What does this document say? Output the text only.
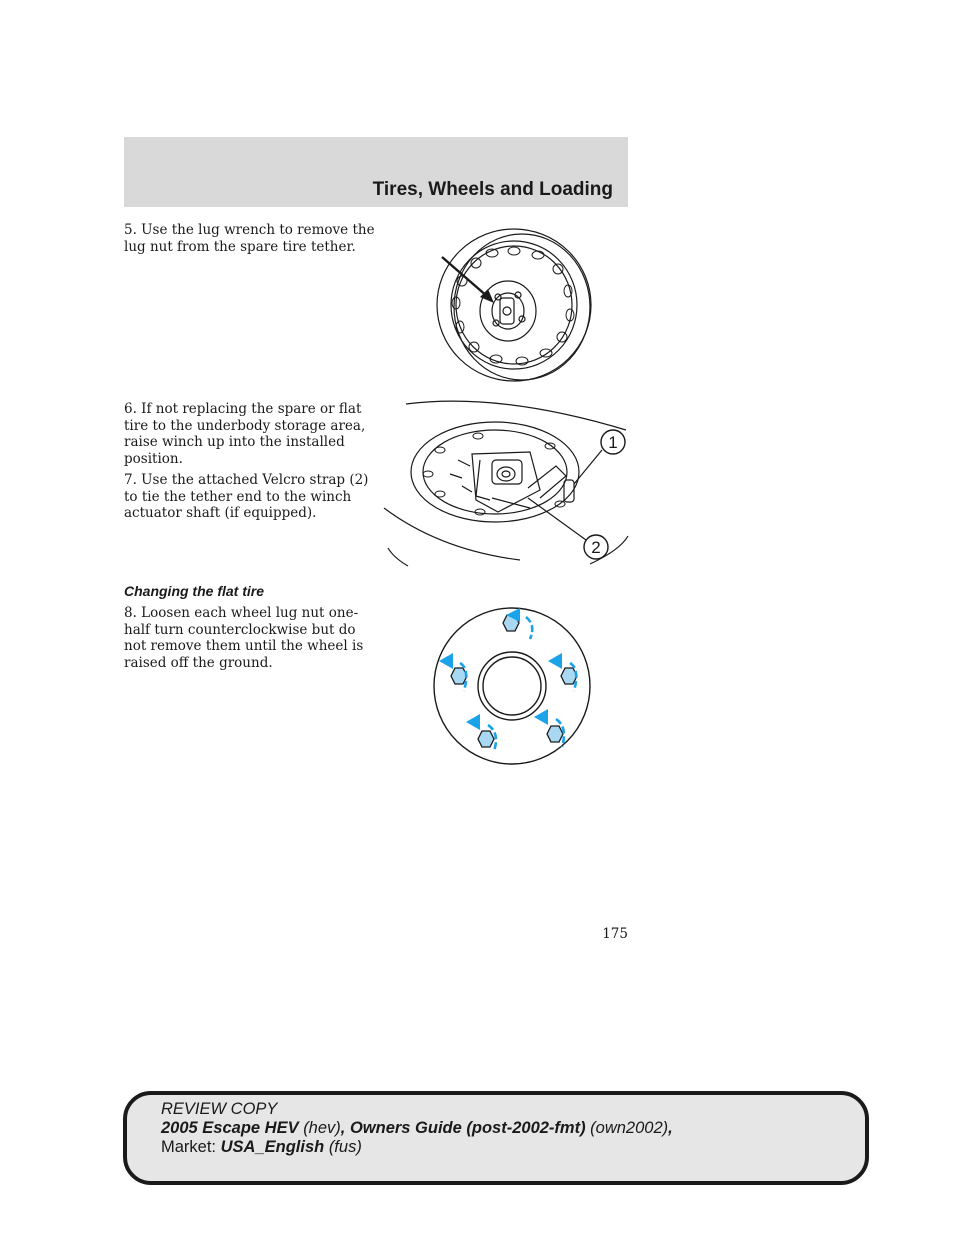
Tires, Wheels and Loading

5. Use the lug wrench to remove the lug nut from the spare tire tether.

6. If not replacing the spare or flat tire to the underbody storage area, raise winch up into the installed position.

7. Use the attached Velcro strap (2) to tie the tether end to the winch actuator shaft (if equipped).

1
2
Changing the flat tire

8. Loosen each wheel lug nut one-half turn counterclockwise but do not remove them until the wheel is raised off the ground.

175
REVIEW COPY
2005 Escape HEV (hev), Owners Guide (post-2002-fmt) (own2002),
Market: USA_English (fus)
